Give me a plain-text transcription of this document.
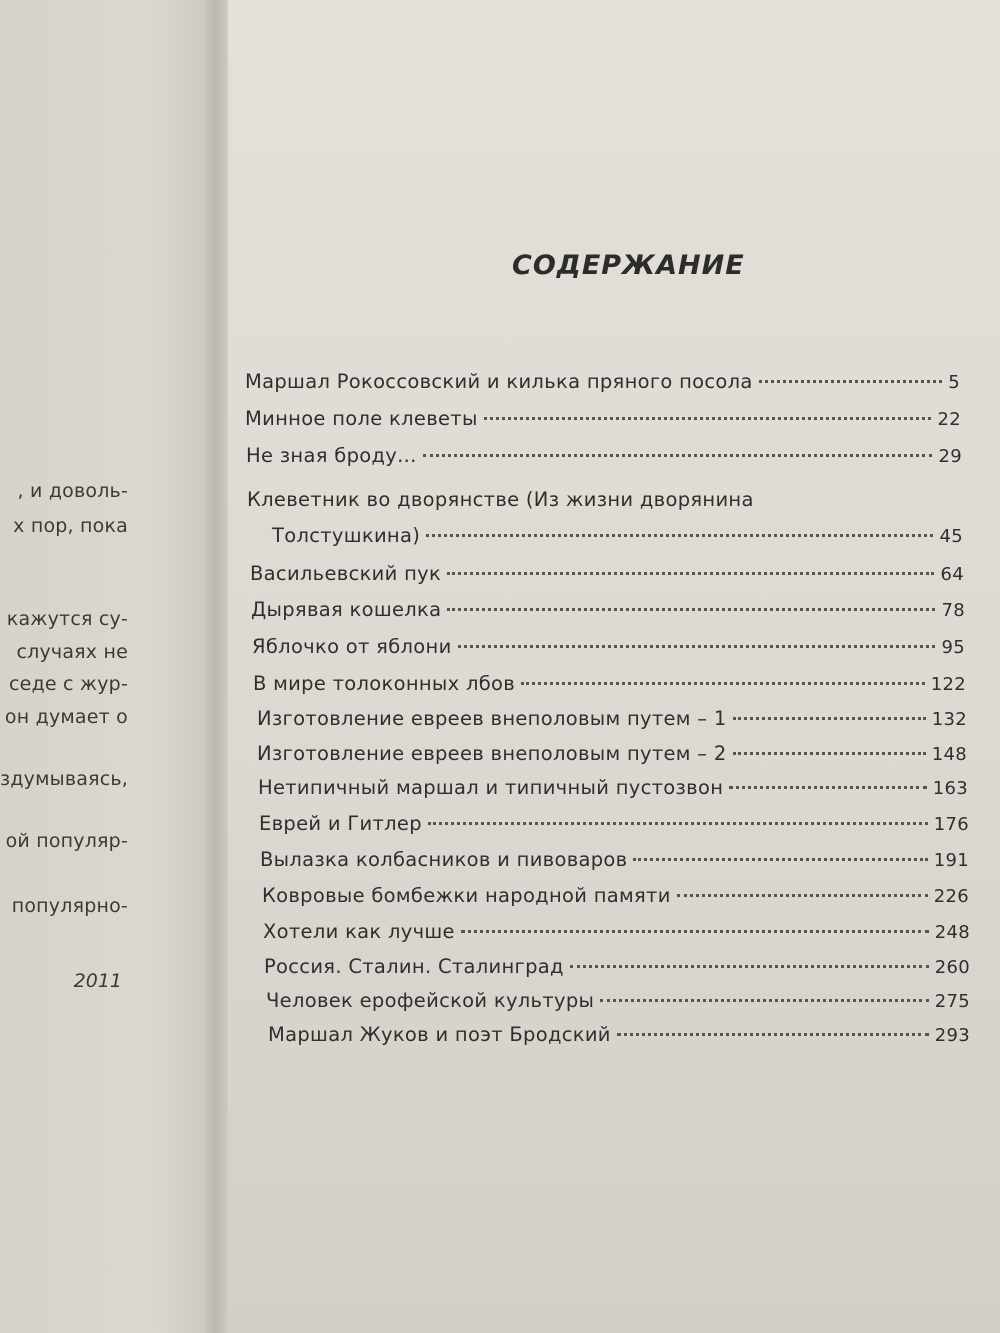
, и доволь-
х пор, пока
кажутся су-
случаях не
седе с жур-
он думает о
здумываясь,
ой популяр-
популярно-
2011
СОДЕРЖАНИЕ
Маршал Рокоссовский и килька пряного посола	5
Минное поле клеветы	22
Не зная броду...	29
Клеветник во дворянстве (Из жизни дворянина
Толстушкина)	45
Васильевский пук	64
Дырявая кошелка	78
Яблочко от яблони	95
В мире толоконных лбов	122
Изготовление евреев внеполовым путем – 1	132
Изготовление евреев внеполовым путем – 2	148
Нетипичный маршал и типичный пустозвон	163
Еврей и Гитлер	176
Вылазка колбасников и пивоваров	191
Ковровые бомбежки народной памяти	226
Хотели как лучше	248
Россия. Сталин. Сталинград	260
Человек ерофейской культуры	275
Маршал Жуков и поэт Бродский	293
